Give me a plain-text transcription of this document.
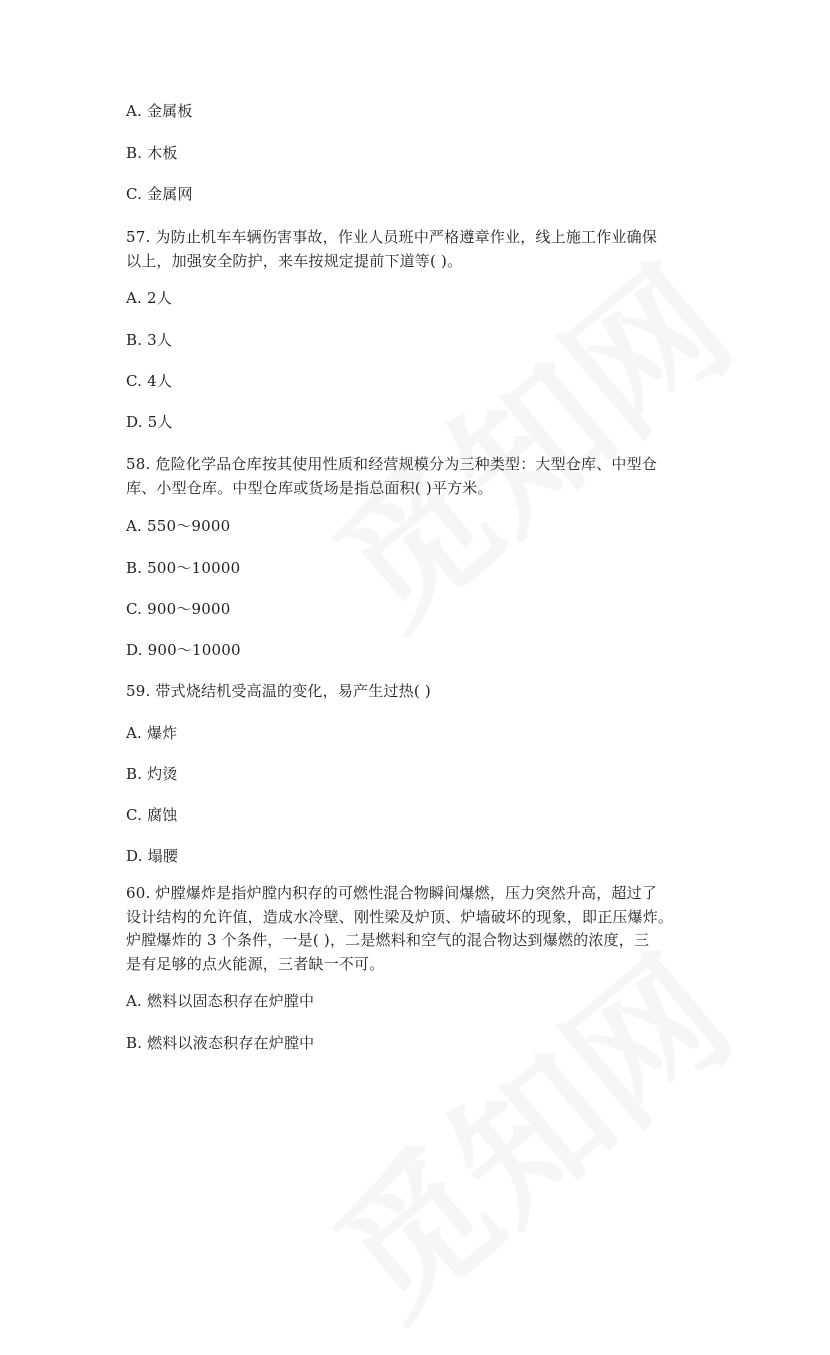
A. 金属板
B. 木板
C. 金属网
57. 为防止机车车辆伤害事故，作业人员班中严格遵章作业，线上施工作业确保
以上，加强安全防护，来车按规定提前下道等( )。
A. 2人
B. 3人
C. 4人
D. 5人
58. 危险化学品仓库按其使用性质和经营规模分为三种类型：大型仓库、中型仓
库、小型仓库。中型仓库或货场是指总面积( )平方米。
A. 550～9000
B. 500～10000
C. 900～9000
D. 900～10000
59. 带式烧结机受高温的变化，易产生过热( )
A. 爆炸
B. 灼烫
C. 腐蚀
D. 塌腰
60. 炉膛爆炸是指炉膛内积存的可燃性混合物瞬间爆燃，压力突然升高，超过了
设计结构的允许值，造成水冷壁、刚性梁及炉顶、炉墙破坏的现象，即正压爆炸。
炉膛爆炸的 3 个条件，一是( )，二是燃料和空气的混合物达到爆燃的浓度，三
是有足够的点火能源，三者缺一不可。
A. 燃料以固态积存在炉膛中
B. 燃料以液态积存在炉膛中
